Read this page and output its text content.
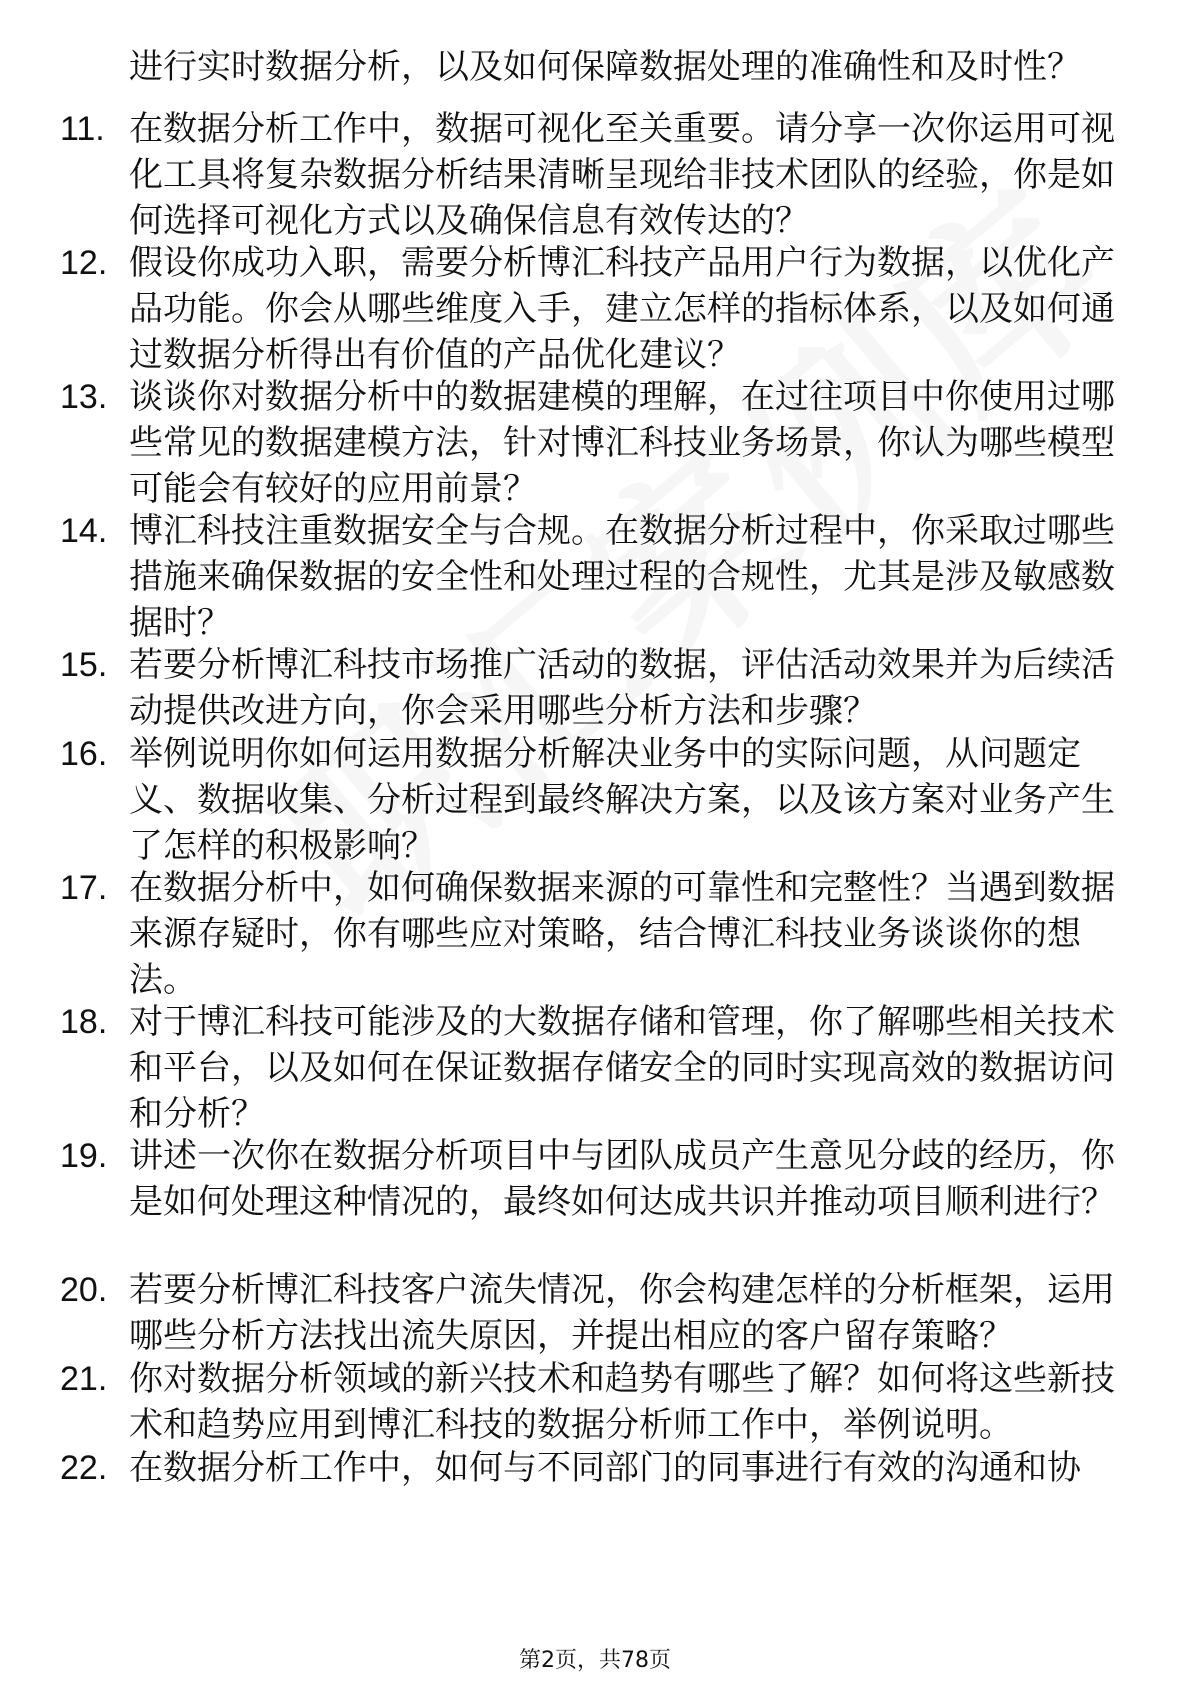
进行实时数据分析，以及如何保障数据处理的准确性和及时性？

11. 在数据分析工作中，数据可视化至关重要。请分享一次你运用可视化工具将复杂数据分析结果清晰呈现给非技术团队的经验，你是如何选择可视化方式以及确保信息有效传达的？
12. 假设你成功入职，需要分析博汇科技产品用户行为数据，以优化产品功能。你会从哪些维度入手，建立怎样的指标体系，以及如何通过数据分析得出有价值的产品优化建议？
13. 谈谈你对数据分析中的数据建模的理解，在过往项目中你使用过哪些常见的数据建模方法，针对博汇科技业务场景，你认为哪些模型可能会有较好的应用前景？
14. 博汇科技注重数据安全与合规。在数据分析过程中，你采取过哪些措施来确保数据的安全性和处理过程的合规性，尤其是涉及敏感数据时？
15. 若要分析博汇科技市场推广活动的数据，评估活动效果并为后续活动提供改进方向，你会采用哪些分析方法和步骤？
16. 举例说明你如何运用数据分析解决业务中的实际问题，从问题定义、数据收集、分析过程到最终解决方案，以及该方案对业务产生了怎样的积极影响？
17. 在数据分析中，如何确保数据来源的可靠性和完整性？当遇到数据来源存疑时，你有哪些应对策略，结合博汇科技业务谈谈你的想法。
18. 对于博汇科技可能涉及的大数据存储和管理，你了解哪些相关技术和平台，以及如何在保证数据存储安全的同时实现高效的数据访问和分析？
19. 讲述一次你在数据分析项目中与团队成员产生意见分歧的经历，你是如何处理这种情况的，最终如何达成共识并推动项目顺利进行？
20. 若要分析博汇科技客户流失情况，你会构建怎样的分析框架，运用哪些分析方法找出流失原因，并提出相应的客户留存策略？
21. 你对数据分析领域的新兴技术和趋势有哪些了解？如何将这些新技术和趋势应用到博汇科技的数据分析师工作中，举例说明。
22. 在数据分析工作中，如何与不同部门的同事进行有效的沟通和协
第2页，共78页
